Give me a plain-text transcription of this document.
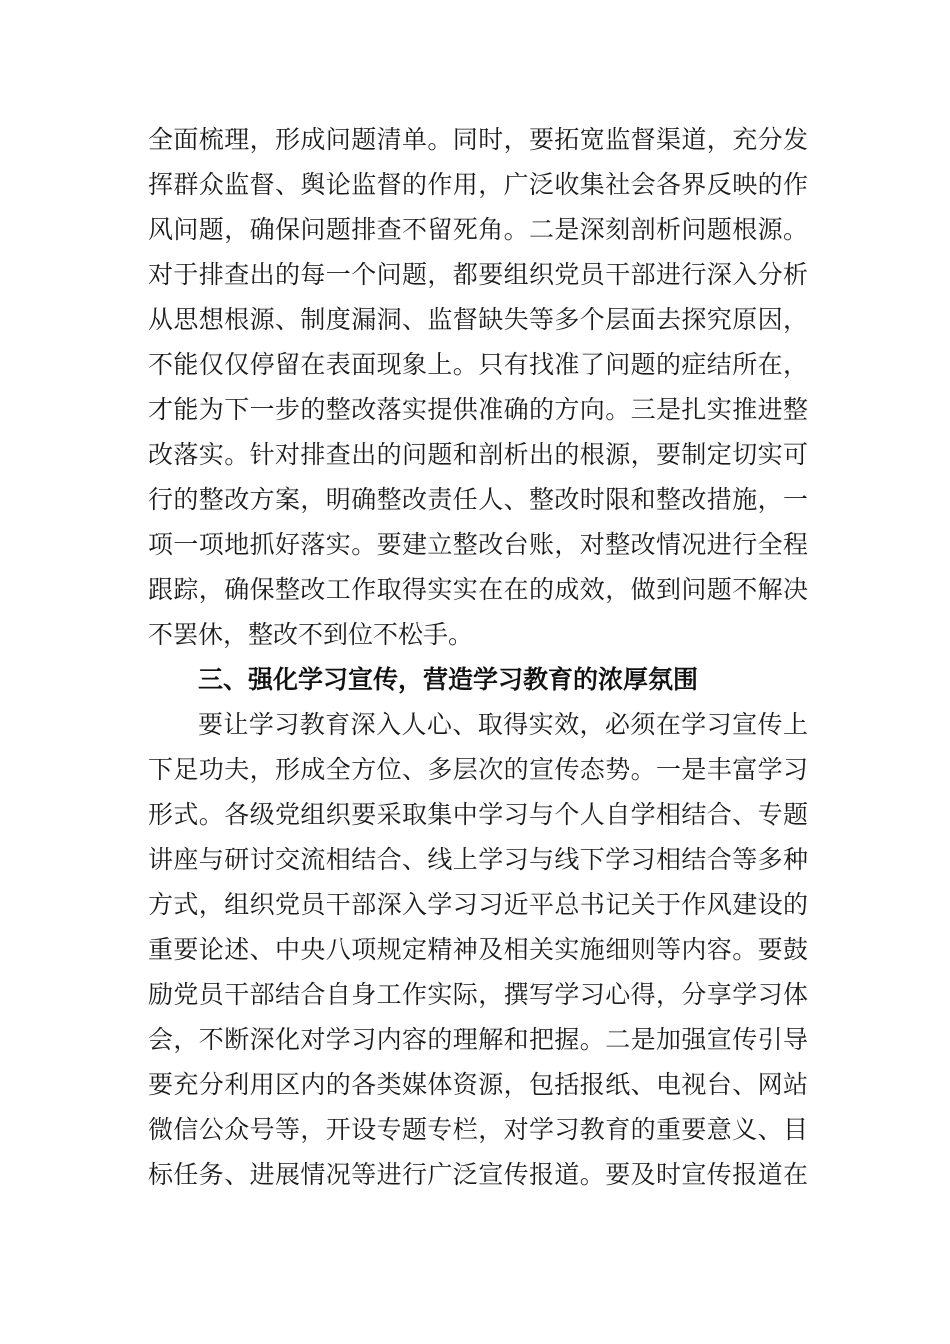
全面梳理，形成问题清单。同时，要拓宽监督渠道，充分发
挥群众监督、舆论监督的作用，广泛收集社会各界反映的作
风问题，确保问题排查不留死角。二是深刻剖析问题根源。
对于排查出的每一个问题，都要组织党员干部进行深入分析
从思想根源、制度漏洞、监督缺失等多个层面去探究原因，
不能仅仅停留在表面现象上。只有找准了问题的症结所在，
才能为下一步的整改落实提供准确的方向。三是扎实推进整
改落实。针对排查出的问题和剖析出的根源，要制定切实可
行的整改方案，明确整改责任人、整改时限和整改措施，一
项一项地抓好落实。要建立整改台账，对整改情况进行全程
跟踪，确保整改工作取得实实在在的成效，做到问题不解决
不罢休，整改不到位不松手。
三、强化学习宣传，营造学习教育的浓厚氛围
要让学习教育深入人心、取得实效，必须在学习宣传上
下足功夫，形成全方位、多层次的宣传态势。一是丰富学习
形式。各级党组织要采取集中学习与个人自学相结合、专题
讲座与研讨交流相结合、线上学习与线下学习相结合等多种
方式，组织党员干部深入学习习近平总书记关于作风建设的
重要论述、中央八项规定精神及相关实施细则等内容。要鼓
励党员干部结合自身工作实际，撰写学习心得，分享学习体
会，不断深化对学习内容的理解和把握。二是加强宣传引导
要充分利用区内的各类媒体资源，包括报纸、电视台、网站
微信公众号等，开设专题专栏，对学习教育的重要意义、目
标任务、进展情况等进行广泛宣传报道。要及时宣传报道在
